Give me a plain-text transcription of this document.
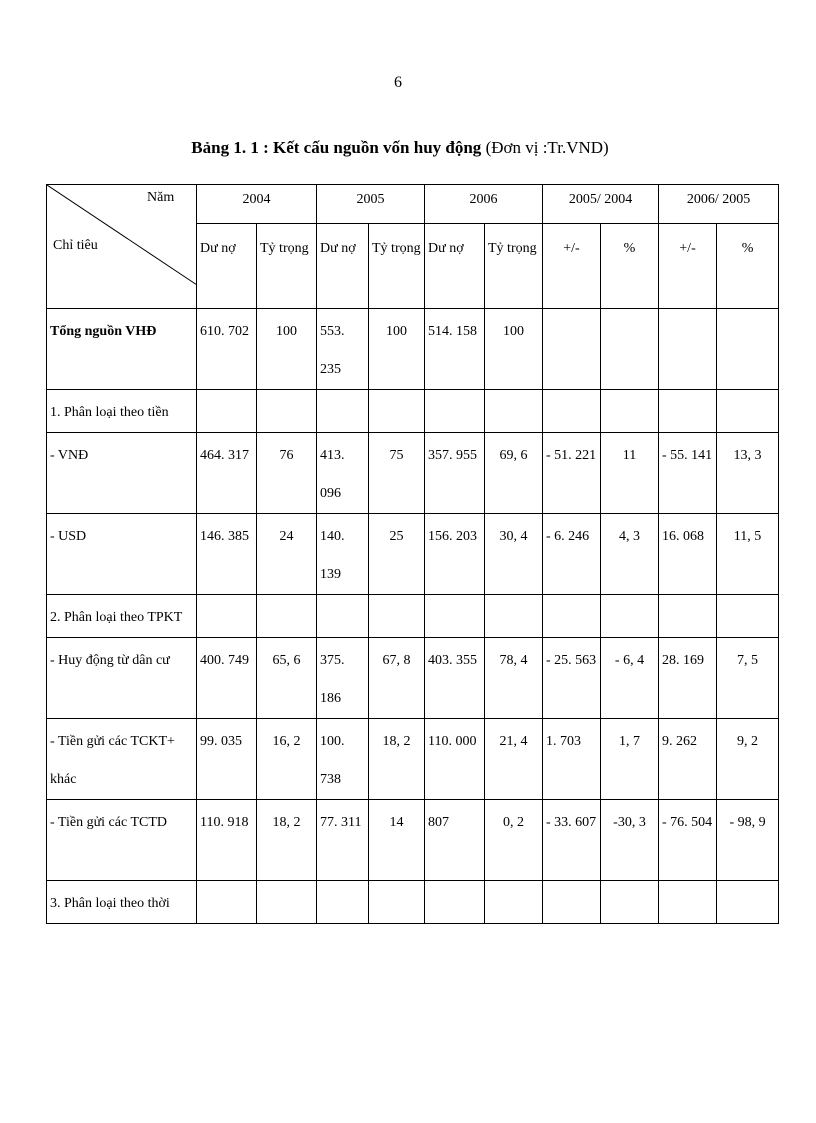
6
Bảng 1. 1 : Kết cấu nguồn vốn huy động (Đơn vị :Tr.VND)
Năm
Chỉ tiêu	2004		2005		2006		2005/ 2004		2006/ 2005	
	Dư nợ	Tỷ trọng	Dư nợ	Tỷ trọng	Dư nợ	Tỷ trọng	+/-	%	+/-	%
Tổng nguồn VHĐ	610. 702	100	553. 235	100	514. 158	100				
1. Phân loại theo tiền										
- VNĐ	464. 317	76	413. 096	75	357. 955	69, 6	- 51. 221	11	- 55. 141	13, 3
- USD	146. 385	24	140. 139	25	156. 203	30, 4	- 6. 246	4, 3	16. 068	11, 5
2. Phân loại theo TPKT										
- Huy động từ dân cư	400. 749	65, 6	375. 186	67, 8	403. 355	78, 4	- 25. 563	- 6, 4	28. 169	7, 5
- Tiền gửi các TCKT+ khác	99. 035	16, 2	100. 738	18, 2	110. 000	21, 4	1. 703	1, 7	9. 262	9, 2
- Tiền gửi các TCTD	110. 918	18, 2	77. 311	14	807	0, 2	- 33. 607	-30, 3	- 76. 504	- 98, 9
3. Phân loại theo thời										
